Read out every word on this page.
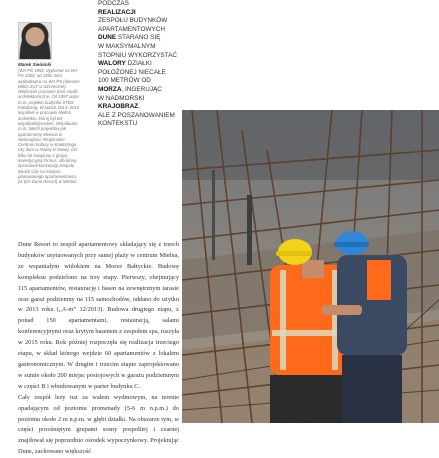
Marek Sieinicki
(WA PS 1992, dyplomat na WA PS 2000, od 1992 roku wykładowca na WA PS (obecnie WBiA ZUT w Szczecinie). Właściciel pracowni SAS studio architektoniczne. Od 1997 autor m.in. projektu budynku STBS Kołobrzeg. W latach 2013–2015 wspólnik w pracowni Mellon architekci, której był też współzałożycielem. Współautor m.in. takich projektów jak apartamenty Mewwa w Świnoujściu, Regionalne Centrum Kultury w Kołobrzegu czy dom w Nowej w Sowej. Od kilku lat związany z grupą inwestycyjną Firmus, dla której opracował koncepcję zespołu Beach City na miejscu planowanego apartamentowca (w tym Dune Resort) w Mielnie
PODCZAS
REALIZACJI
ZESPOŁU BUDYNKÓW
APARTAMENTOWYCH
DUNE STARANO SIĘ
W MAKSYMALNYM
STOPNIU WYKORZYSTAĆ
WALORY DZIAŁKI
POŁOŻONEJ NIECAŁE
100 METRÓW OD
MORZA, INGERUJĄC
W NADMORSKI
KRAJOBRAZ,
ALE Z POSZANOWANIEM
KONTEKSTU

Dune Resort to zespół apartamentowy składający się z trzech budynków usytuowanych przy samej plaży w centrum Mielna, ze wspaniałym widokiem na Morze Bałtyckie. Budowę kompleksu podzielono na trzy etapy. Pierwszy, obejmujący 115 apartamentów, restaurację i basen na zewnętrznym tarasie oraz garaż podziemny na 115 samochodów, oddano do użytku w 2013 roku („A-m” 12/2013). Budowa drugiego etapu, z ponad 150 apartamentami, restauracją, salami konferencyjnymi oraz krytym basenem z zespołem spa, ruszyła w 2015 roku. Rok później rozpoczęła się realizacja trzeciego etapu, w skład którego wejdzie 60 apartamentów z lokalem gastronomicznym. W drugim i trzecim etapie zaprojektowano w sumie około 200 miejsc postojowych w garażu podziemnym w części B i wbudowanym w parter budynku C.

Cały zespół leży tuż za wałem wydmowym, na terenie opadającym od poziomu promenady (5-6 m n.p.m.) do poziomu około 2 m n.p.m. w głębi działki. Na obszarze tym, w części porośniętym grupami sosny pospolitej i czarnej znajdował się poprzednio ośrodek wypoczynkowy. Projektując Dune, zachowano większość
